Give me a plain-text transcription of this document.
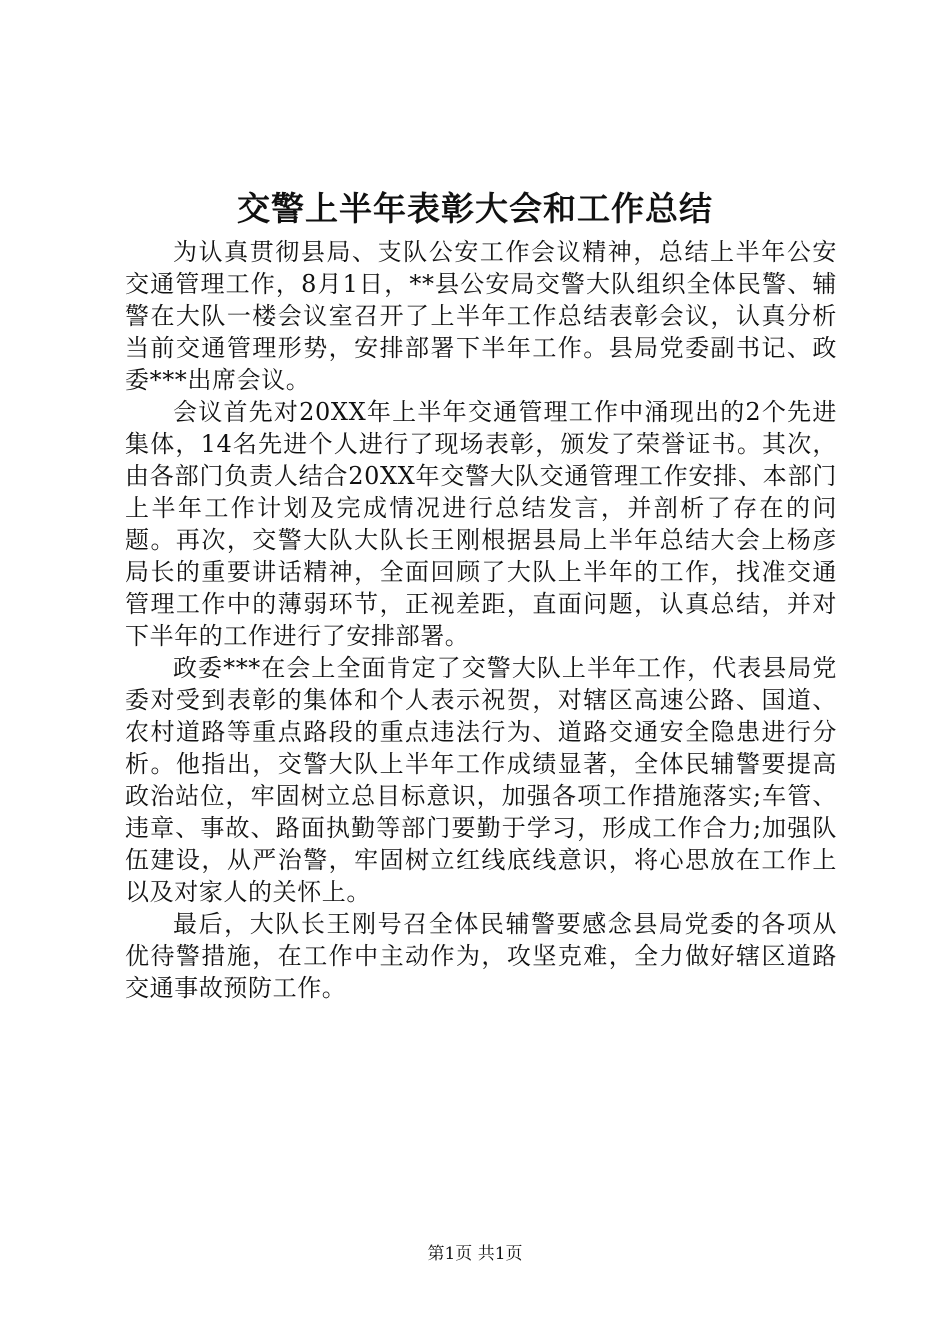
交警上半年表彰大会和工作总结

为认真贯彻县局、支队公安工作会议精神，总结上半年公安交通管理工作，8月1日，**县公安局交警大队组织全体民警、辅警在大队一楼会议室召开了上半年工作总结表彰会议，认真分析当前交通管理形势，安排部署下半年工作。县局党委副书记、政委***出席会议。

会议首先对20XX年上半年交通管理工作中涌现出的2个先进集体，14名先进个人进行了现场表彰，颁发了荣誉证书。其次，由各部门负责人结合20XX年交警大队交通管理工作安排、本部门上半年工作计划及完成情况进行总结发言，并剖析了存在的问题。再次，交警大队大队长王刚根据县局上半年总结大会上杨彦局长的重要讲话精神，全面回顾了大队上半年的工作，找准交通管理工作中的薄弱环节，正视差距，直面问题，认真总结，并对下半年的工作进行了安排部署。

政委***在会上全面肯定了交警大队上半年工作，代表县局党委对受到表彰的集体和个人表示祝贺，对辖区高速公路、国道、农村道路等重点路段的重点违法行为、道路交通安全隐患进行分析。他指出，交警大队上半年工作成绩显著，全体民辅警要提高政治站位，牢固树立总目标意识，加强各项工作措施落实;车管、违章、事故、路面执勤等部门要勤于学习，形成工作合力;加强队伍建设，从严治警，牢固树立红线底线意识，将心思放在工作上以及对家人的关怀上。

最后，大队长王刚号召全体民辅警要感念县局党委的各项从优待警措施，在工作中主动作为，攻坚克难，全力做好辖区道路交通事故预防工作。

第1页 共1页
